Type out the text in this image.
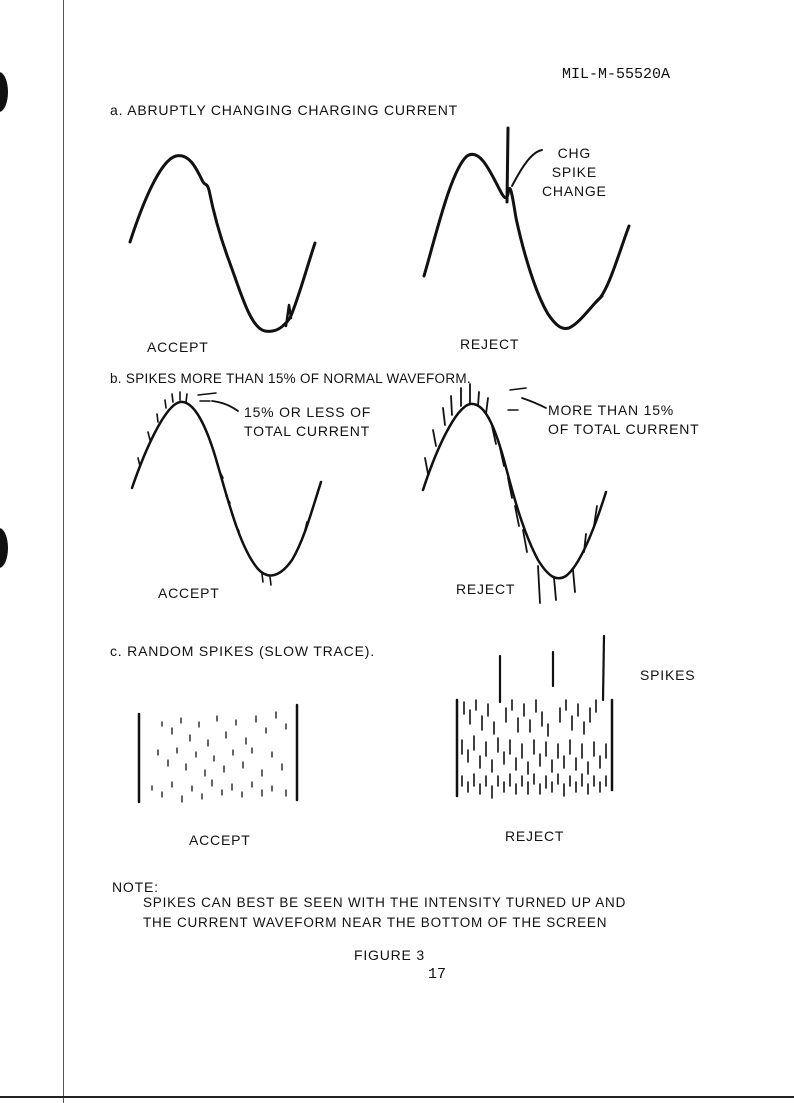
MIL-M-55520A
a. ABRUPTLY CHANGING CHARGING CURRENT
ACCEPT	REJECT
CHG
SPIKE
CHANGE
b. SPIKES MORE THAN 15% OF NORMAL WAVEFORM.
15% OR LESS OF
TOTAL CURRENT
MORE THAN 15%
OF TOTAL CURRENT
ACCEPT	REJECT
c. RANDOM SPIKES (SLOW TRACE).
SPIKES
ACCEPT	REJECT
NOTE:
SPIKES CAN BEST BE SEEN WITH THE INTENSITY TURNED UP AND
THE CURRENT WAVEFORM NEAR THE BOTTOM OF THE SCREEN
FIGURE 3
17
